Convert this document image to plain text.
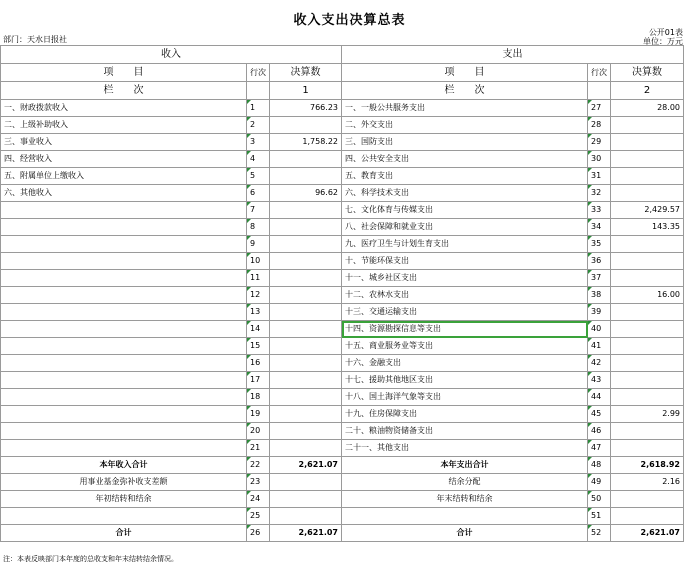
收入支出决算总表
公开01表
部门：天水日报社	单位：万元
收入			支出		
项　　目	行次	决算数	项　　目	行次	决算数
栏　　次		1	栏　　次		2
一、财政拨款收入	1	766.23	一、一般公共服务支出	27	28.00
二、上级补助收入	2		二、外交支出	28	
三、事业收入	3	1,758.22	三、国防支出	29	
四、经营收入	4		四、公共安全支出	30	
五、附属单位上缴收入	5		五、教育支出	31	
六、其他收入	6	96.62	六、科学技术支出	32	
	7		七、文化体育与传媒支出	33	2,429.57
	8		八、社会保障和就业支出	34	143.35
	9		九、医疗卫生与计划生育支出	35	
	10		十、节能环保支出	36	
	11		十一、城乡社区支出	37	
	12		十二、农林水支出	38	16.00
	13		十三、交通运输支出	39	
	14		十四、资源勘探信息等支出	40	
	15		十五、商业服务业等支出	41	
	16		十六、金融支出	42	
	17		十七、援助其他地区支出	43	
	18		十八、国土海洋气象等支出	44	
	19		十九、住房保障支出	45	2.99
	20		二十、粮油物资储备支出	46	
	21		二十一、其他支出	47	
本年收入合计	22	2,621.07	本年支出合计	48	2,618.92
用事业基金弥补收支差额	23		结余分配	49	2.16
年初结转和结余	24		年末结转和结余	50	
	25			51	
合计	26	2,621.07	合计	52	2,621.07
注：本表反映部门本年度的总收支和年末结转结余情况。
